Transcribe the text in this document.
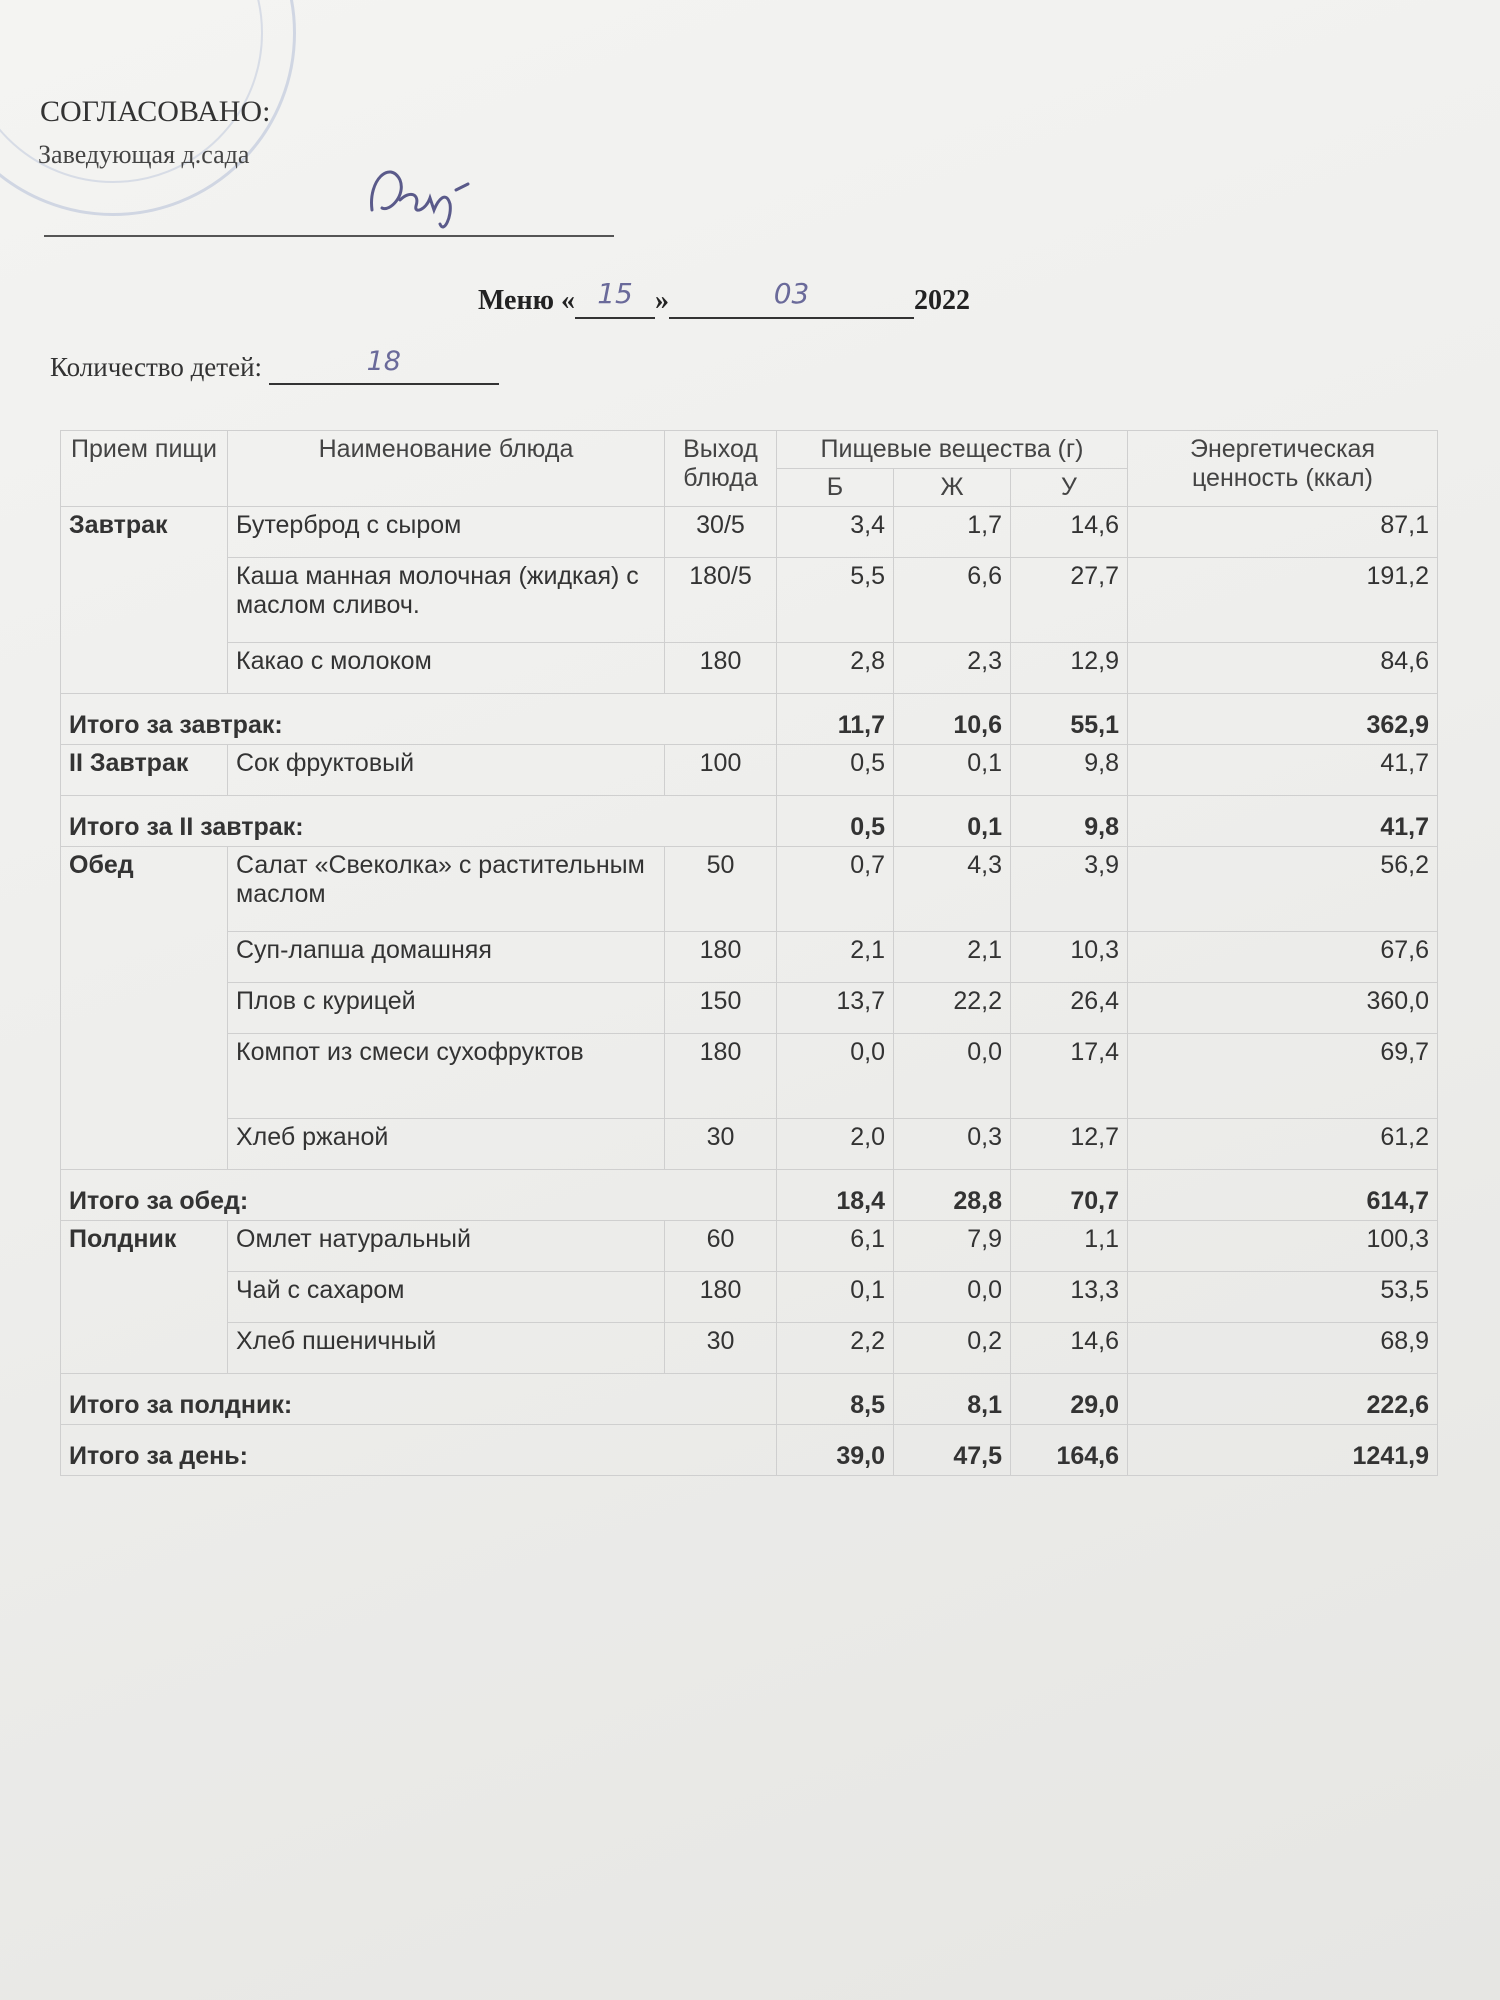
СОГЛАСОВАНО:
Заведующая д.сада
Меню « 15 »	03	2022
Количество детей:	18
Прием пищи	Наименование блюда	Выход блюда	Пищевые вещества (г)			Энергетическая ценность (ккал)
			Б	Ж	У	
Завтрак	Бутерброд с сыром	30/5	3,4	1,7	14,6	87,1
	Каша манная молочная (жидкая) с маслом сливоч.	180/5	5,5	6,6	27,7	191,2
	Какао с молоком	180	2,8	2,3	12,9	84,6
Итого за завтрак:			11,7	10,6	55,1	362,9
II Завтрак	Сок фруктовый	100	0,5	0,1	9,8	41,7
Итого за II завтрак:			0,5	0,1	9,8	41,7
Обед	Салат «Свеколка» с растительным маслом	50	0,7	4,3	3,9	56,2
	Суп-лапша домашняя	180	2,1	2,1	10,3	67,6
	Плов с курицей	150	13,7	22,2	26,4	360,0
	Компот из смеси сухофруктов	180	0,0	0,0	17,4	69,7
	Хлеб ржаной	30	2,0	0,3	12,7	61,2
Итого за обед:			18,4	28,8	70,7	614,7
Полдник	Омлет натуральный	60	6,1	7,9	1,1	100,3
	Чай с сахаром	180	0,1	0,0	13,3	53,5
	Хлеб пшеничный	30	2,2	0,2	14,6	68,9
Итого за полдник:			8,5	8,1	29,0	222,6
Итого за день:			39,0	47,5	164,6	1241,9
